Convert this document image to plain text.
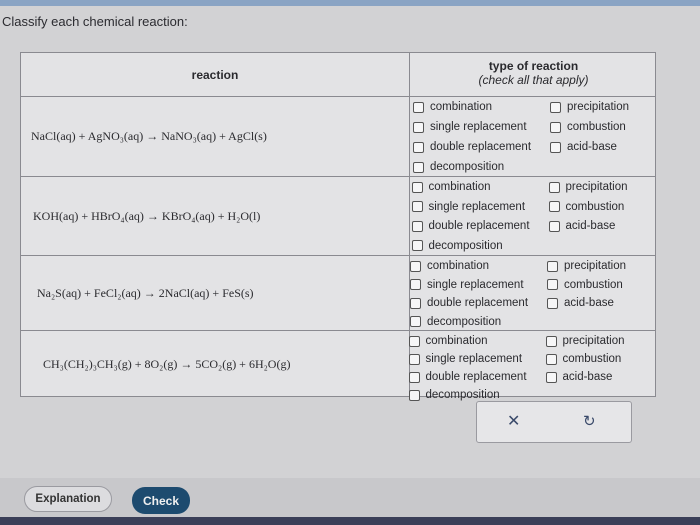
Classify each chemical reaction:
reaction
type of reaction
(check all that apply)
NaCl(aq) + AgNO₃(aq) → NaNO₃(aq) + AgCl(s)
combination
single replacement
double replacement
decomposition
precipitation
combustion
acid-base
KOH(aq) + HBrO₄(aq) → KBrO₄(aq) + H₂O(l)
combination
single replacement
double replacement
decomposition
precipitation
combustion
acid-base
Na₂S(aq) + FeCl₂(aq) → 2NaCl(aq) + FeS(s)
combination
single replacement
double replacement
decomposition
precipitation
combustion
acid-base
CH₃(CH₂)₃CH₃(g) + 8O₂(g) → 5CO₂(g) + 6H₂O(g)
combination
single replacement
double replacement
decomposition
precipitation
combustion
acid-base
✕	↻
Explanation	Check
